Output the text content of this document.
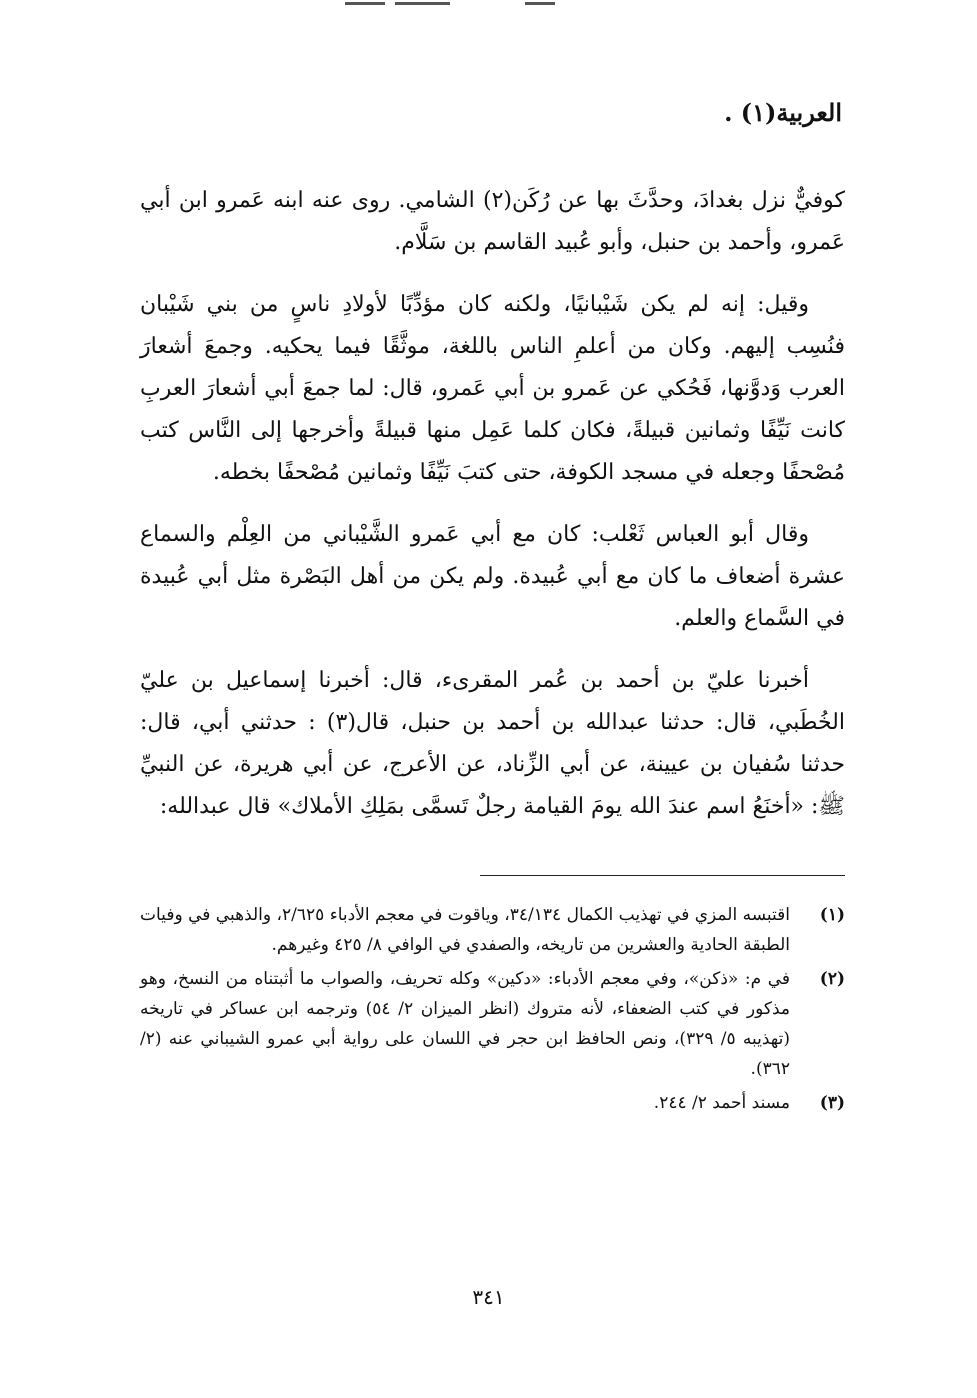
العربية(١) .

كوفيٌّ نزل بغدادَ، وحدَّثَ بها عن رُكَن(٢) الشامي. روى عنه ابنه عَمرو ابن أبي عَمرو، وأحمد بن حنبل، وأبو عُبيد القاسم بن سَلَّام.

وقيل: إنه لم يكن شَيْبانيًا، ولكنه كان مؤدِّبًا لأولادِ ناسٍ من بني شَيْبان فنُسِب إليهم. وكان من أعلمِ الناس باللغة، موثَّقًا فيما يحكيه. وجمعَ أشعارَ العرب وَدوَّنها، فَحُكي عن عَمرو بن أبي عَمرو، قال: لما جمعَ أبي أشعارَ العربِ كانت نَيِّفًا وثمانين قبيلةً، فكان كلما عَمِل منها قبيلةً وأخرجها إلى النَّاس كتب مُصْحفًا وجعله في مسجد الكوفة، حتى كتبَ نَيِّفًا وثمانين مُصْحفًا بخطه.

وقال أبو العباس ثَعْلب: كان مع أبي عَمرو الشَّيْباني من العِلْم والسماع عشرة أضعاف ما كان مع أبي عُبيدة. ولم يكن من أهل البَصْرة مثل أبي عُبيدة في السَّماع والعلم.

أخبرنا عليّ بن أحمد بن عُمر المقرىء، قال: أخبرنا إسماعيل بن عليّ الخُطَبي، قال: حدثنا عبدالله بن أحمد بن حنبل، قال(٣) : حدثني أبي، قال: حدثنا سُفيان بن عيينة، عن أبي الزِّناد، عن الأعرج، عن أبي هريرة، عن النبيِّ ﷺ: «أخنَعُ اسم عندَ الله يومَ القيامة رجلٌ تَسمَّى بمَلِكِ الأملاك» قال عبدالله:

(١)
اقتبسه المزي في تهذيب الكمال ٣٤/١٣٤، وياقوت في معجم الأدباء ٢/٦٢٥، والذهبي في وفيات الطبقة الحادية والعشرين من تاريخه، والصفدي في الوافي ٨/ ٤٢٥ وغيرهم.
(٢)
في م: «ذكن»، وفي معجم الأدباء: «دكين» وكله تحريف، والصواب ما أثبتناه من النسخ، وهو مذكور في كتب الضعفاء، لأنه متروك (انظر الميزان ٢/ ٥٤) وترجمه ابن عساكر في تاريخه (تهذيبه ٥/ ٣٢٩)، ونص الحافظ ابن حجر في اللسان على رواية أبي عمرو الشيباني عنه (٢/ ٣٦٢).
(٣)
مسند أحمد ٢/ ٢٤٤.
٣٤١
